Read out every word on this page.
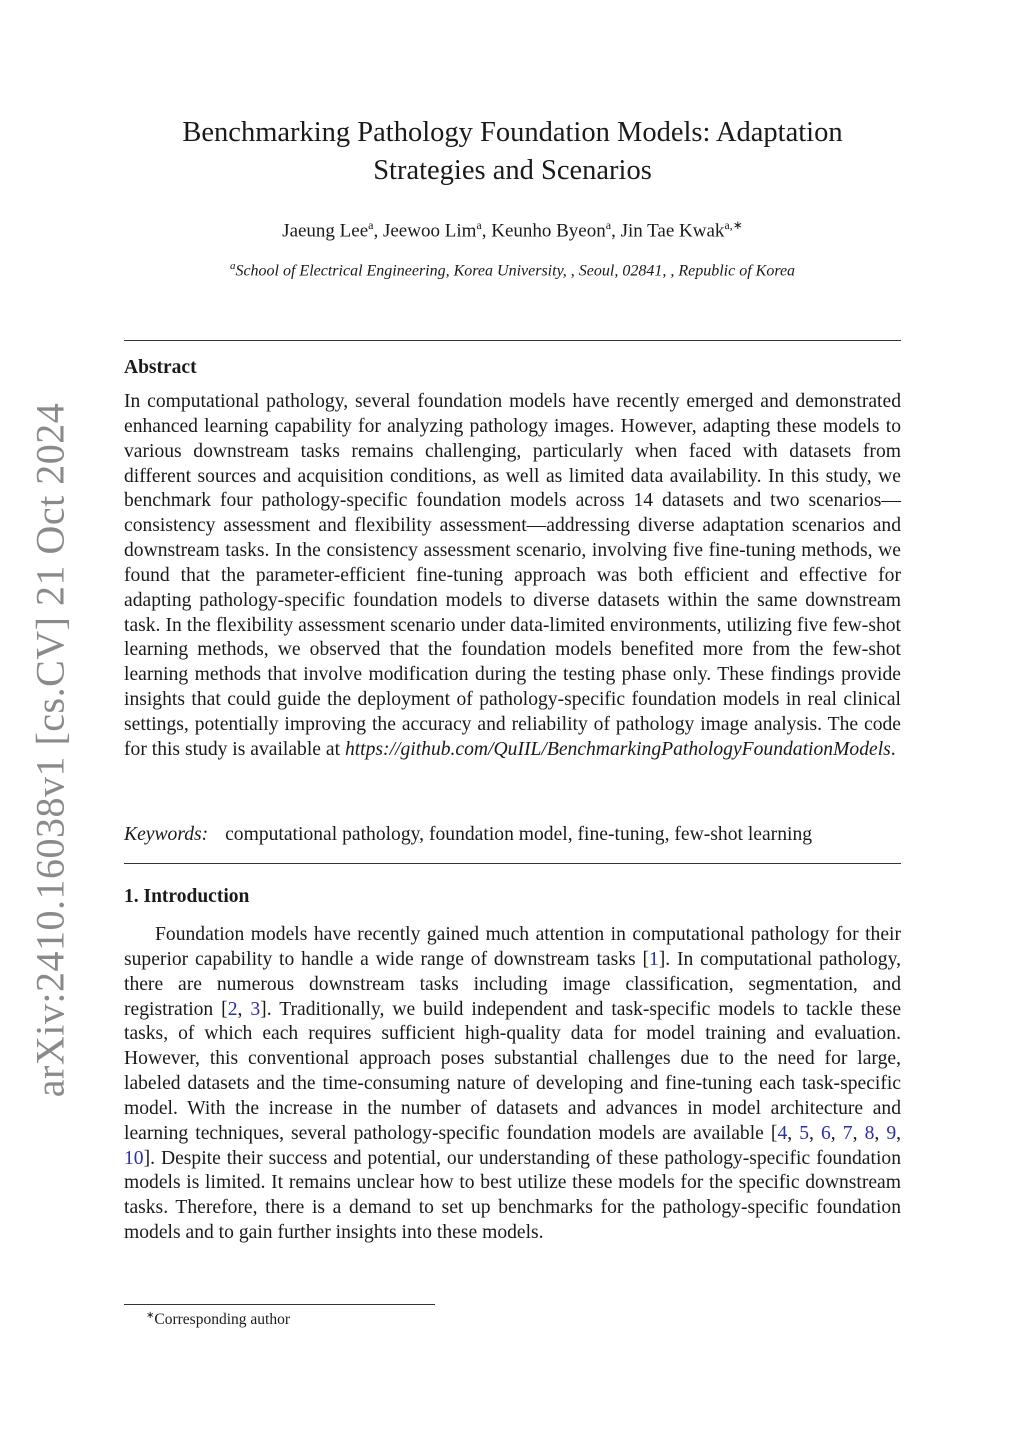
arXiv:2410.16038v1 [cs.CV] 21 Oct 2024
Benchmarking Pathology Foundation Models: Adaptation
Strategies and Scenarios
Jaeung Lee$^a$, Jeewoo Lim$^a$, Keunho Byeon$^a$, Jin Tae Kwak$^{a,∗}$
$^a$School of Electrical Engineering, Korea University, , Seoul, 02841, , Republic of Korea
Abstract

In computational pathology, several foundation models have recently emerged and demonstrated enhanced learning capability for analyzing pathology images. However, adapting these models to various downstream tasks remains challenging, particularly when faced with datasets from different sources and acquisition conditions, as well as limited data availability. In this study, we benchmark four pathology-specific foundation models across 14 datasets and two scenarios—consistency assessment and flexibility assessment—addressing diverse adaptation scenarios and downstream tasks. In the consistency assessment scenario, involving five fine-tuning methods, we found that the parameter-efficient fine-tuning approach was both efficient and effective for adapting pathology-specific foundation models to diverse datasets within the same downstream task. In the flexibility assessment scenario under data-limited environments, utilizing five few-shot learning methods, we observed that the foundation models benefited more from the few-shot learning methods that involve modification during the testing phase only. These findings provide insights that could guide the deployment of pathology-specific foundation models in real clinical settings, potentially improving the accuracy and reliability of pathology image analysis. The code for this study is available at https://github.com/QuIIL/BenchmarkingPathologyFoundationModels.

Keywords: computational pathology, foundation model, fine-tuning, few-shot learning
1. Introduction

Foundation models have recently gained much attention in computational pathology for their superior capability to handle a wide range of downstream tasks [1]. In computational pathology, there are numerous downstream tasks including image classification, segmentation, and registration [2, 3]. Traditionally, we build independent and task-specific models to tackle these tasks, of which each requires sufficient high-quality data for model training and evaluation. However, this conventional approach poses substantial challenges due to the need for large, labeled datasets and the time-consuming nature of developing and fine-tuning each task-specific model. With the increase in the number of datasets and advances in model architecture and learning techniques, several pathology-specific foundation models are available [4, 5, 6, 7, 8, 9, 10]. Despite their success and potential, our understanding of these pathology-specific foundation models is limited. It remains unclear how to best utilize these models for the specific downstream tasks. Therefore, there is a demand to set up benchmarks for the pathology-specific foundation models and to gain further insights into these models.

∗Corresponding author
